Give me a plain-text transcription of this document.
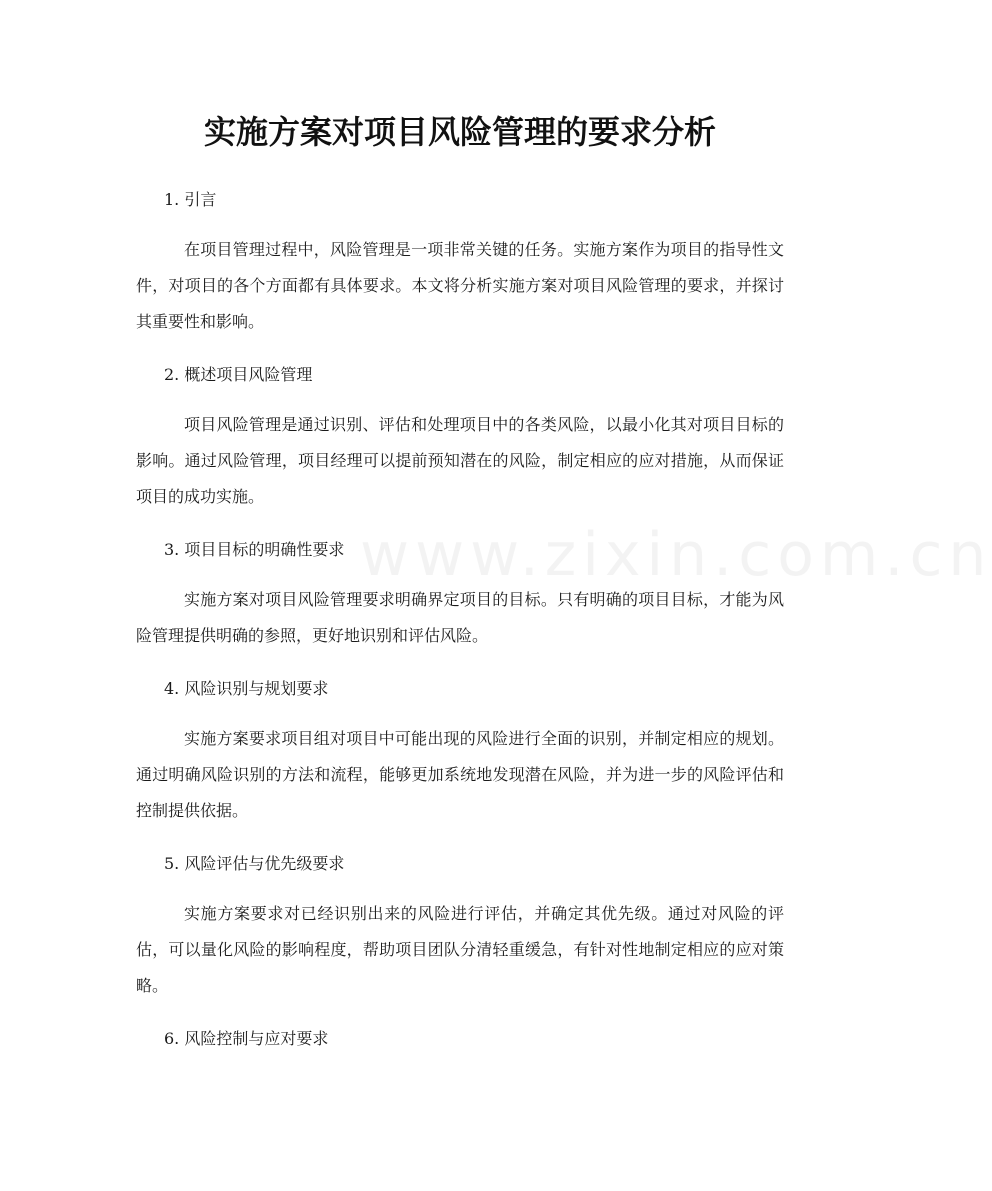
www.zixin.com.cn
实施方案对项目风险管理的要求分析
1. 引言

在项目管理过程中，风险管理是一项非常关键的任务。实施方案作为项目的指导性文件，对项目的各个方面都有具体要求。本文将分析实施方案对项目风险管理的要求，并探讨其重要性和影响。

2. 概述项目风险管理

项目风险管理是通过识别、评估和处理项目中的各类风险，以最小化其对项目目标的影响。通过风险管理，项目经理可以提前预知潜在的风险，制定相应的应对措施，从而保证项目的成功实施。

3. 项目目标的明确性要求

实施方案对项目风险管理要求明确界定项目的目标。只有明确的项目目标，才能为风险管理提供明确的参照，更好地识别和评估风险。

4. 风险识别与规划要求

实施方案要求项目组对项目中可能出现的风险进行全面的识别，并制定相应的规划。通过明确风险识别的方法和流程，能够更加系统地发现潜在风险，并为进一步的风险评估和控制提供依据。

5. 风险评估与优先级要求

实施方案要求对已经识别出来的风险进行评估，并确定其优先级。通过对风险的评估，可以量化风险的影响程度，帮助项目团队分清轻重缓急，有针对性地制定相应的应对策略。

6. 风险控制与应对要求
